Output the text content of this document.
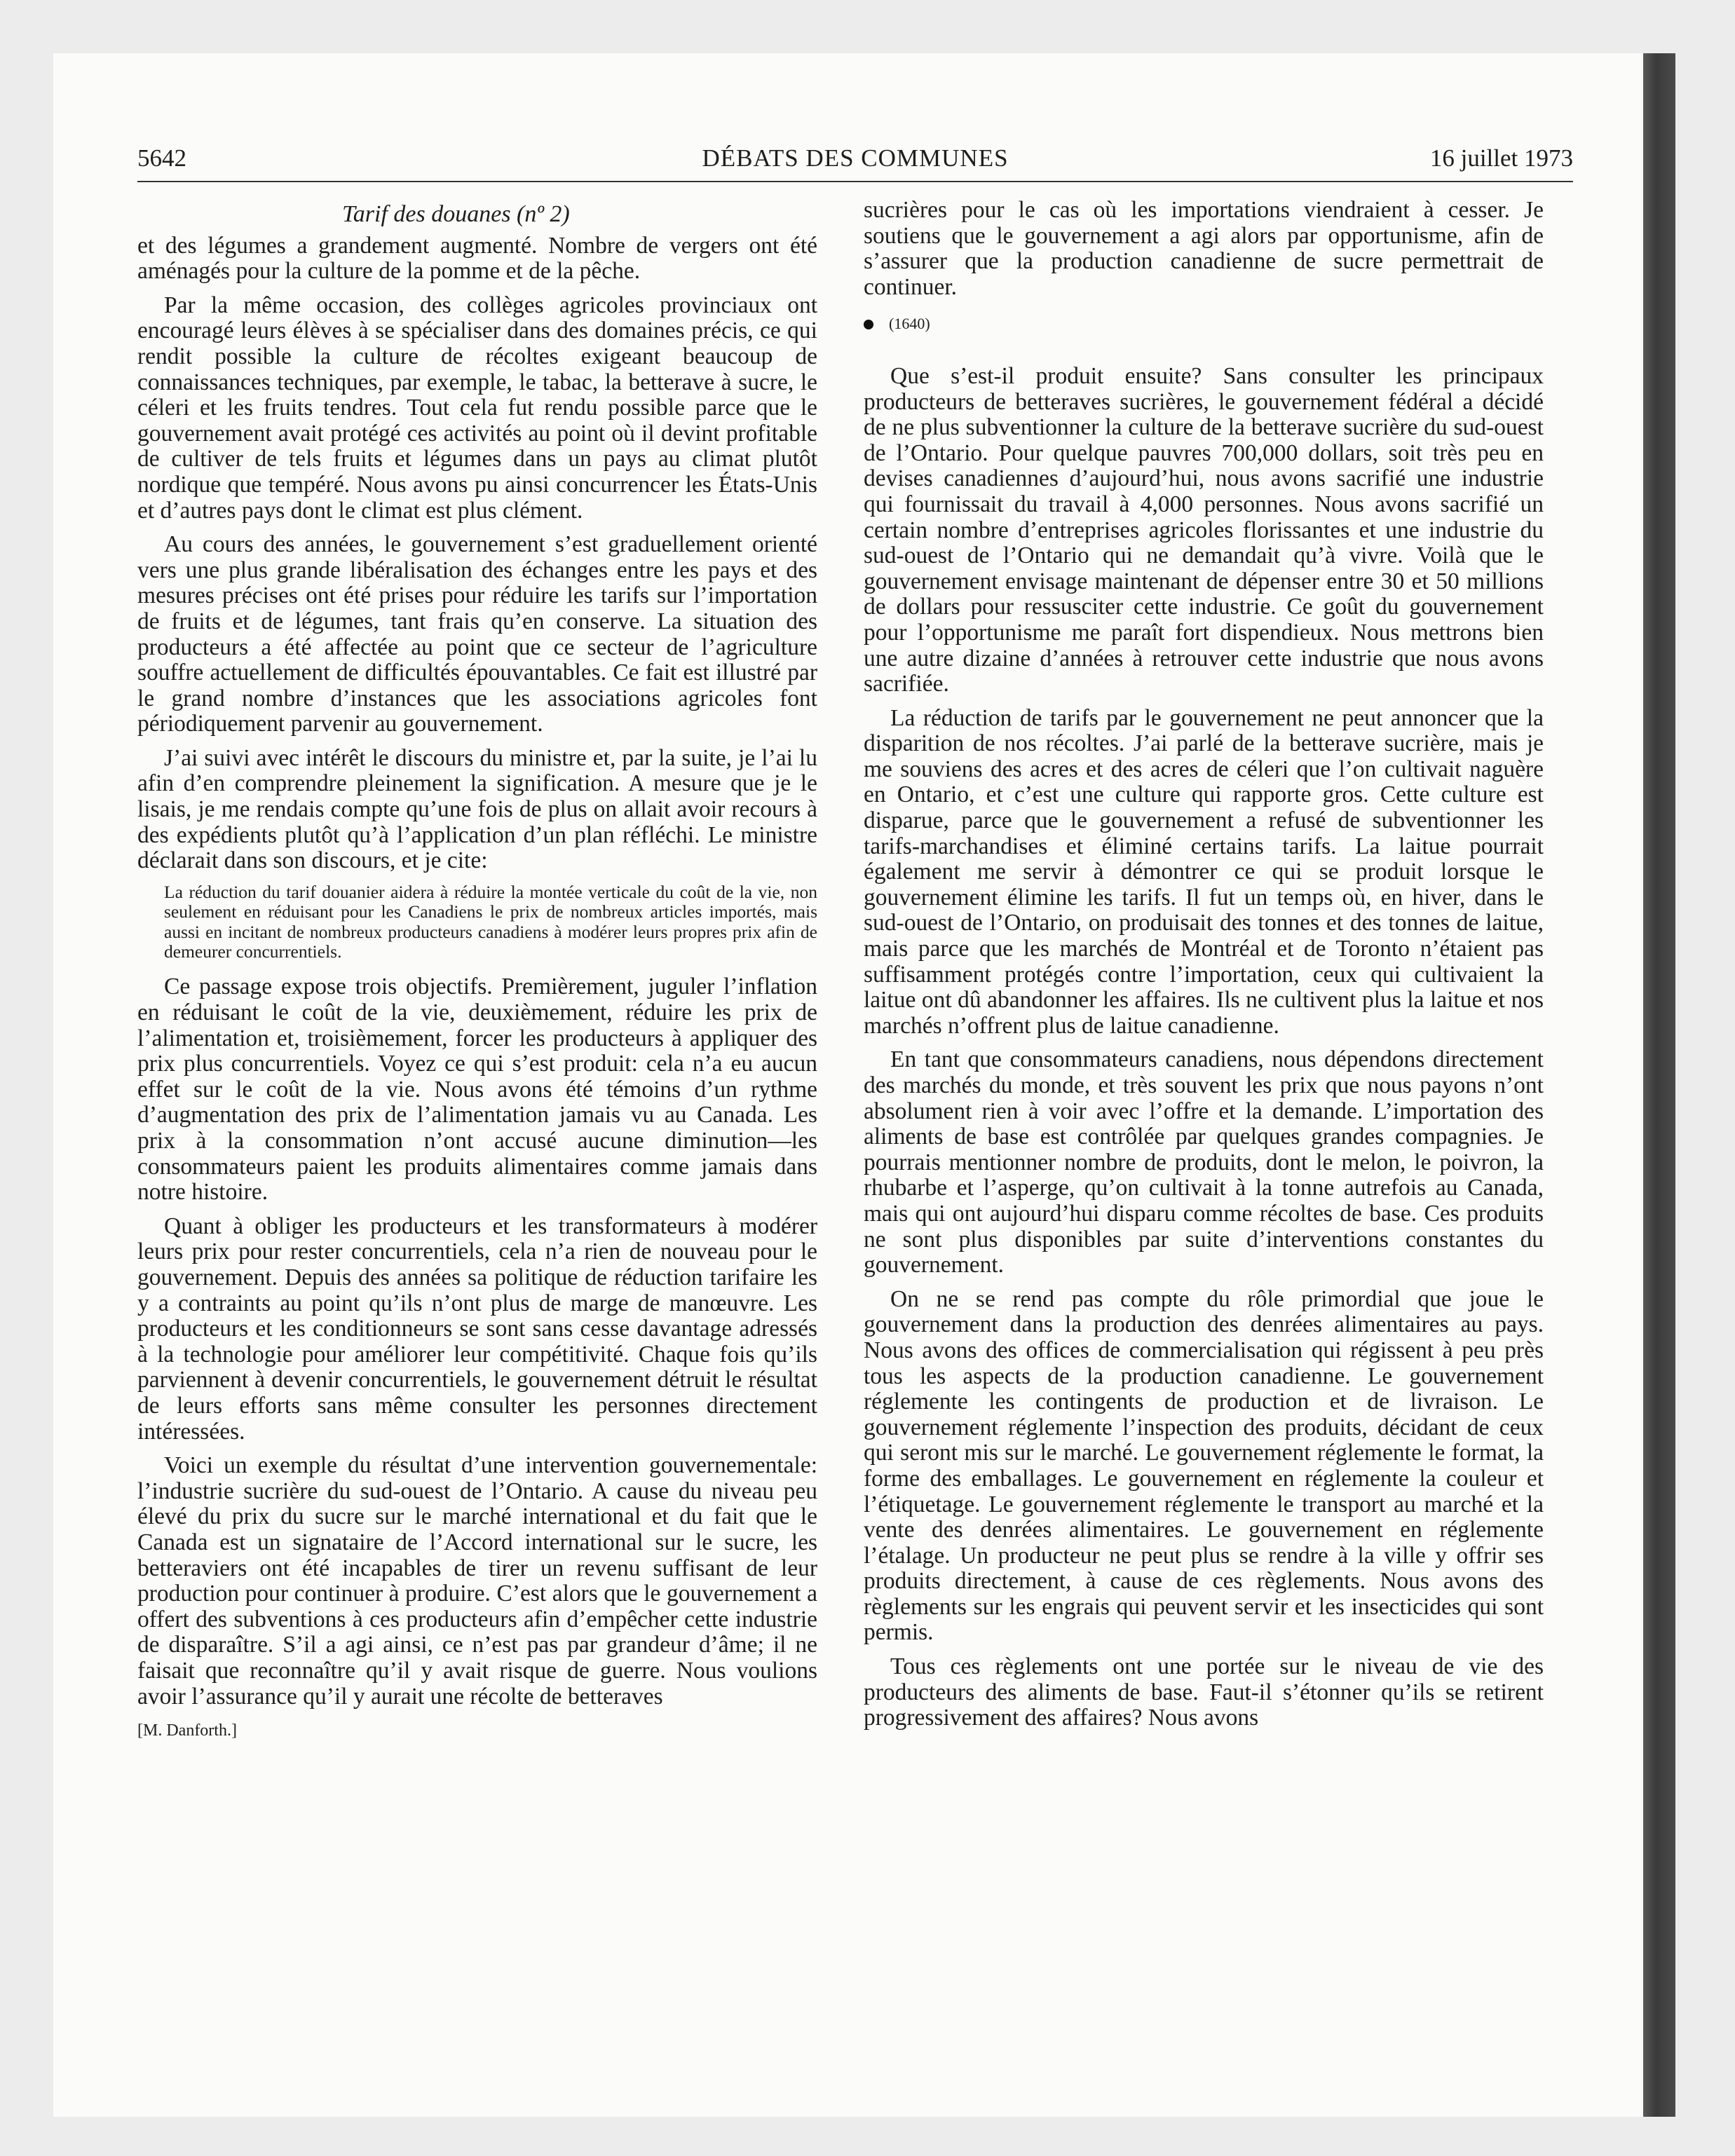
5642	DÉBATS DES COMMUNES	16 juillet 1973
Tarif des douanes (nº 2)

et des légumes a grandement augmenté. Nombre de vergers ont été aménagés pour la culture de la pomme et de la pêche.

Par la même occasion, des collèges agricoles provinciaux ont encouragé leurs élèves à se spécialiser dans des domaines précis, ce qui rendit possible la culture de récoltes exigeant beaucoup de connaissances techniques, par exemple, le tabac, la betterave à sucre, le céleri et les fruits tendres. Tout cela fut rendu possible parce que le gouvernement avait protégé ces activités au point où il devint profitable de cultiver de tels fruits et légumes dans un pays au climat plutôt nordique que tempéré. Nous avons pu ainsi concurrencer les États-Unis et d’autres pays dont le climat est plus clément.

Au cours des années, le gouvernement s’est graduellement orienté vers une plus grande libéralisation des échanges entre les pays et des mesures précises ont été prises pour réduire les tarifs sur l’importation de fruits et de légumes, tant frais qu’en conserve. La situation des producteurs a été affectée au point que ce secteur de l’agriculture souffre actuellement de difficultés épouvantables. Ce fait est illustré par le grand nombre d’instances que les associations agricoles font périodiquement parvenir au gouvernement.

J’ai suivi avec intérêt le discours du ministre et, par la suite, je l’ai lu afin d’en comprendre pleinement la signification. A mesure que je le lisais, je me rendais compte qu’une fois de plus on allait avoir recours à des expédients plutôt qu’à l’application d’un plan réfléchi. Le ministre déclarait dans son discours, et je cite:

La réduction du tarif douanier aidera à réduire la montée verticale du coût de la vie, non seulement en réduisant pour les Canadiens le prix de nombreux articles importés, mais aussi en incitant de nombreux producteurs canadiens à modérer leurs propres prix afin de demeurer concurrentiels.

Ce passage expose trois objectifs. Premièrement, juguler l’inflation en réduisant le coût de la vie, deuxièmement, réduire les prix de l’alimentation et, troisièmement, forcer les producteurs à appliquer des prix plus concurrentiels. Voyez ce qui s’est produit: cela n’a eu aucun effet sur le coût de la vie. Nous avons été témoins d’un rythme d’augmentation des prix de l’alimentation jamais vu au Canada. Les prix à la consommation n’ont accusé aucune diminution—les consommateurs paient les produits alimentaires comme jamais dans notre histoire.

Quant à obliger les producteurs et les transformateurs à modérer leurs prix pour rester concurrentiels, cela n’a rien de nouveau pour le gouvernement. Depuis des années sa politique de réduction tarifaire les y a contraints au point qu’ils n’ont plus de marge de manœuvre. Les producteurs et les conditionneurs se sont sans cesse davantage adressés à la technologie pour améliorer leur compétitivité. Chaque fois qu’ils parviennent à devenir concurrentiels, le gouvernement détruit le résultat de leurs efforts sans même consulter les personnes directement intéressées.

Voici un exemple du résultat d’une intervention gouvernementale: l’industrie sucrière du sud-ouest de l’Ontario. A cause du niveau peu élevé du prix du sucre sur le marché international et du fait que le Canada est un signataire de l’Accord international sur le sucre, les betteraviers ont été incapables de tirer un revenu suffisant de leur production pour continuer à produire. C’est alors que le gouvernement a offert des subventions à ces producteurs afin d’empêcher cette industrie de disparaître. S’il a agi ainsi, ce n’est pas par grandeur d’âme; il ne faisait que reconnaître qu’il y avait risque de guerre. Nous voulions avoir l’assurance qu’il y aurait une récolte de betteraves

[M. Danforth.]

sucrières pour le cas où les importations viendraient à cesser. Je soutiens que le gouvernement a agi alors par opportunisme, afin de s’assurer que la production canadienne de sucre permettrait de continuer.

(1640)

Que s’est-il produit ensuite? Sans consulter les principaux producteurs de betteraves sucrières, le gouvernement fédéral a décidé de ne plus subventionner la culture de la betterave sucrière du sud-ouest de l’Ontario. Pour quelque pauvres 700,000 dollars, soit très peu en devises canadiennes d’aujourd’hui, nous avons sacrifié une industrie qui fournissait du travail à 4,000 personnes. Nous avons sacrifié un certain nombre d’entreprises agricoles florissantes et une industrie du sud-ouest de l’Ontario qui ne demandait qu’à vivre. Voilà que le gouvernement envisage maintenant de dépenser entre 30 et 50 millions de dollars pour ressusciter cette industrie. Ce goût du gouvernement pour l’opportunisme me paraît fort dispendieux. Nous mettrons bien une autre dizaine d’années à retrouver cette industrie que nous avons sacrifiée.

La réduction de tarifs par le gouvernement ne peut annoncer que la disparition de nos récoltes. J’ai parlé de la betterave sucrière, mais je me souviens des acres et des acres de céleri que l’on cultivait naguère en Ontario, et c’est une culture qui rapporte gros. Cette culture est disparue, parce que le gouvernement a refusé de subventionner les tarifs-marchandises et éliminé certains tarifs. La laitue pourrait également me servir à démontrer ce qui se produit lorsque le gouvernement élimine les tarifs. Il fut un temps où, en hiver, dans le sud-ouest de l’Ontario, on produisait des tonnes et des tonnes de laitue, mais parce que les marchés de Montréal et de Toronto n’étaient pas suffisamment protégés contre l’importation, ceux qui cultivaient la laitue ont dû abandonner les affaires. Ils ne cultivent plus la laitue et nos marchés n’offrent plus de laitue canadienne.

En tant que consommateurs canadiens, nous dépendons directement des marchés du monde, et très souvent les prix que nous payons n’ont absolument rien à voir avec l’offre et la demande. L’importation des aliments de base est contrôlée par quelques grandes compagnies. Je pourrais mentionner nombre de produits, dont le melon, le poivron, la rhubarbe et l’asperge, qu’on cultivait à la tonne autrefois au Canada, mais qui ont aujourd’hui disparu comme récoltes de base. Ces produits ne sont plus disponibles par suite d’interventions constantes du gouvernement.

On ne se rend pas compte du rôle primordial que joue le gouvernement dans la production des denrées alimentaires au pays. Nous avons des offices de commercialisation qui régissent à peu près tous les aspects de la production canadienne. Le gouvernement réglemente les contingents de production et de livraison. Le gouvernement réglemente l’inspection des produits, décidant de ceux qui seront mis sur le marché. Le gouvernement réglemente le format, la forme des emballages. Le gouvernement en réglemente la couleur et l’étiquetage. Le gouvernement réglemente le transport au marché et la vente des denrées alimentaires. Le gouvernement en réglemente l’étalage. Un producteur ne peut plus se rendre à la ville y offrir ses produits directement, à cause de ces règlements. Nous avons des règlements sur les engrais qui peuvent servir et les insecticides qui sont permis.

Tous ces règlements ont une portée sur le niveau de vie des producteurs des aliments de base. Faut-il s’étonner qu’ils se retirent progressivement des affaires? Nous avons
